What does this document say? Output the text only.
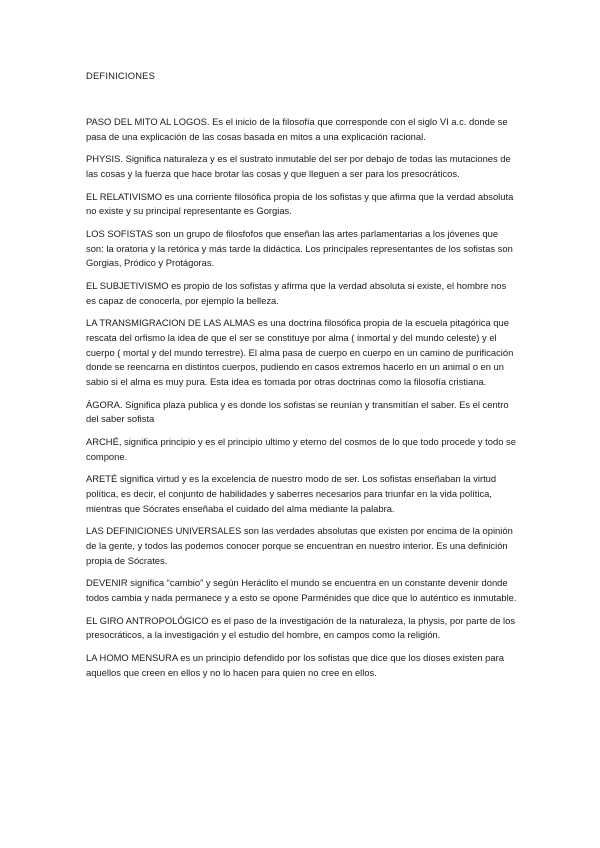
DEFINICIONES

PASO DEL MITO AL LOGOS. Es el inicio de la filosofía que corresponde con el siglo VI a.c. donde se pasa de una explicación de las cosas basada en mitos a una explicación racional.

PHYSIS. Significa naturaleza y es el sustrato inmutable del ser por debajo de todas las mutaciones de las cosas y la fuerza que hace brotar las cosas y que lleguen a ser para los presocráticos.

EL RELATIVISMO es una corriente filosófica propia de los sofistas y que afirma que la verdad absoluta no existe y su principal representante es Gorgias.

LOS SOFISTAS son un grupo de filosfofos que enseñan las artes parlamentarias a los jóvenes que son: la oratoria y la retórica y más tarde la didáctica. Los principales representantes de los sofistas son Gorgias, Pródico y Protágoras.

EL SUBJETIVISMO es propio de los sofistas y afirma que la verdad absoluta si existe, el hombre nos es capaz de conocerla, por ejemplo la belleza.

LA TRANSMIGRACION DE LAS ALMAS es una doctrina filosófica propia de la escuela pitagórica que rescata del orfismo la idea de que el ser se constituye por alma ( inmortal y del mundo celeste) y el cuerpo ( mortal y del mundo terrestre). El alma pasa de cuerpo en cuerpo en un camino de purificación donde se reencarna en distintos cuerpos, pudiendo en casos extremos hacerlo en un animal o en un sabio si el alma es muy pura. Esta idea es tomada por otras doctrinas como la filosofía cristiana.

ÁGORA. Significa plaza publica y es donde los sofistas se reunían y transmitían el saber. Es el centro del saber sofista

ARCHÉ, significa principio y es el principio ultimo y eterno del cosmos de lo que todo procede y todo se compone.

ARETÉ significa virtud y es la excelencia de nuestro modo de ser. Los sofistas enseñaban la virtud política, es decir, el conjunto de habilidades y saberres necesarios para triunfar en la vida política, mientras que Sócrates enseñaba el cuidado del alma mediante la palabra.

LAS DEFINICIONES UNIVERSALES son las verdades absolutas que existen por encima de la opinión de la gente, y todos las podemos conocer porque se encuentran en nuestro interior. Es una definición propia de Sócrates.

DEVENIR significa “cambio” y según Heráclito el mundo se encuentra en un constante devenir donde todos cambia y nada permanece y a esto se opone Parménides que dice que lo auténtico es inmutable.

EL GIRO ANTROPOLÓGICO es el paso de la investigación de la naturaleza, la physis, por parte de los presocráticos, a la investigación y el estudio del hombre, en campos como la religión.

LA HOMO MENSURA es un principio defendido por los sofistas que dice que los dioses existen para aquellos que creen en ellos y no lo hacen para quien no cree en ellos.
